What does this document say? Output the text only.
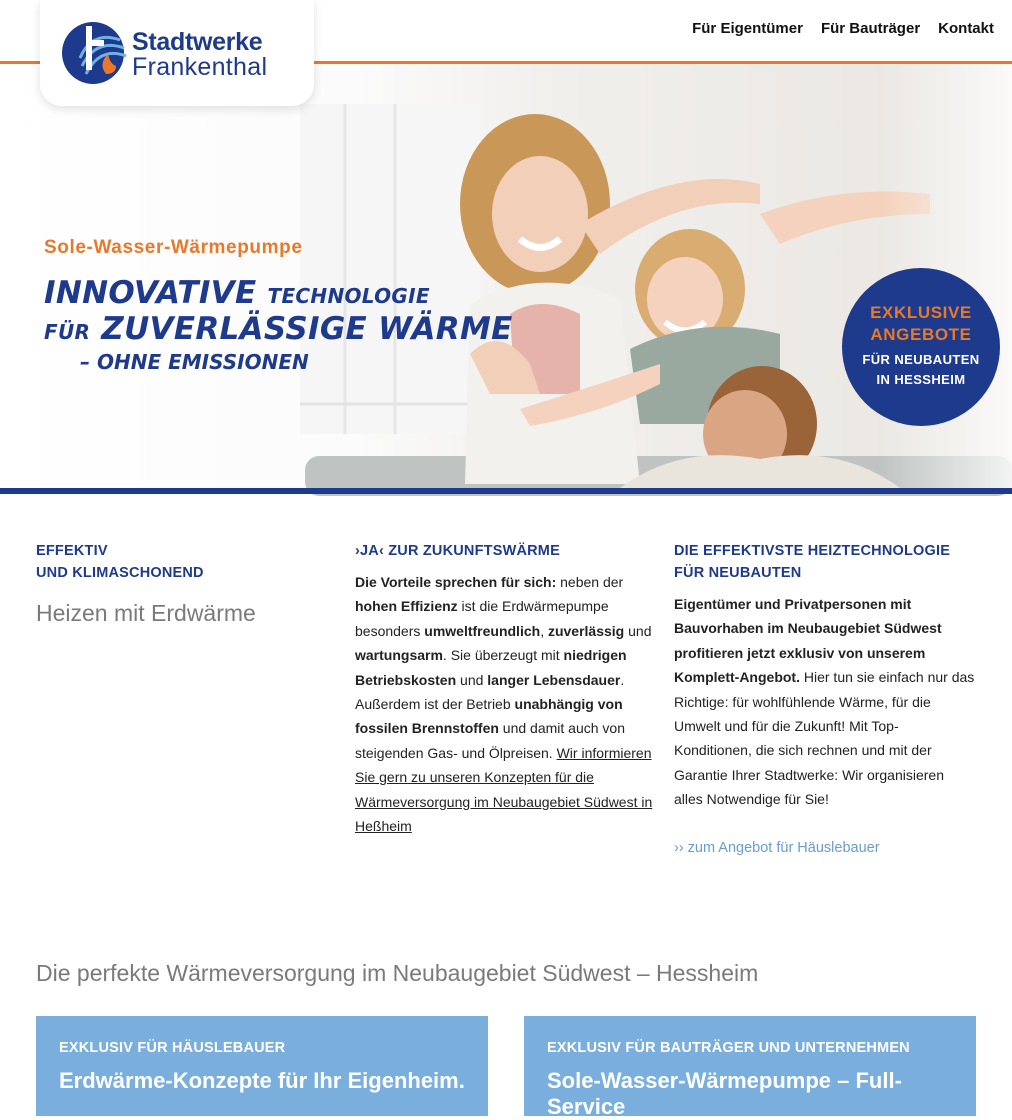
Für Eigentümer Für Bauträger Kontakt
Stadtwerke
Frankenthal
Sole-Wasser-Wärmepumpe
INNOVATIVE TECHNOLOGIE
FÜR ZUVERLÄSSIGE WÄRME
– OHNE EMISSIONEN
EXKLUSIVE
ANGEBOTE
FÜR NEUBAUTEN
IN HESSHEIM
EFFEKTIV
UND KLIMASCHONEND
Heizen mit Erdwärme
›JA‹ ZUR ZUKUNFTSWÄRME

Die Vorteile sprechen für sich: neben der hohen Effizienz ist die Erdwärmepumpe besonders umweltfreundlich, zuverlässig und wartungsarm. Sie überzeugt mit niedrigen Betriebskosten und langer Lebensdauer. Außerdem ist der Betrieb unabhängig von fossilen Brennstoffen und damit auch von steigenden Gas- und Ölpreisen. Wir informieren Sie gern zu unseren Konzepten für die Wärmeversorgung im Neubaugebiet Südwest in Heßheim

DIE EFFEKTIVSTE HEIZTECHNOLOGIE
FÜR NEUBAUTEN

Eigentümer und Privatpersonen mit Bauvorhaben im Neubaugebiet Südwest profitieren jetzt exklusiv von unserem Komplett-Angebot. Hier tun sie einfach nur das Richtige: für wohlfühlende Wärme, für die Umwelt und für die Zukunft! Mit Top-Konditionen, die sich rechnen und mit der Garantie Ihrer Stadtwerke: Wir organisieren alles Notwendige für Sie!

›› zum Angebot für Häuslebauer
Die perfekte Wärmeversorgung im Neubaugebiet Südwest – Hessheim
EXKLUSIV FÜR HÄUSLEBAUER
Erdwärme-Konzepte für Ihr Eigenheim.
EXKLUSIV FÜR BAUTRÄGER UND UNTERNEHMEN
Sole-Wasser-Wärmepumpe – Full-Service
